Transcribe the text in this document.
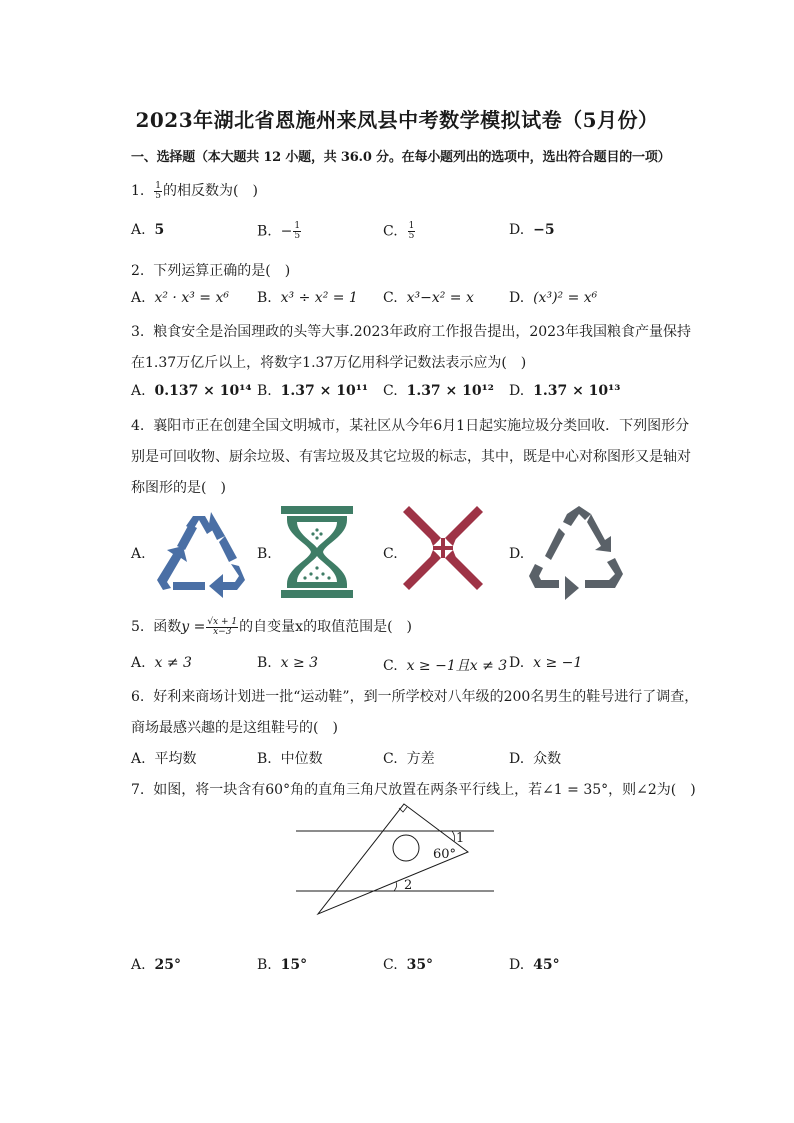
2023年湖北省恩施州来凤县中考数学模拟试卷（5月份）
一、选择题（本大题共 12 小题，共 36.0 分。在每小题列出的选项中，选出符合题目的一项）
1. $\frac{1}{5}$ 的相反数为(　)
A. 5	B. − $\frac{1}{5}$	C. $\frac{1}{5}$	D. −5
2. 下列运算正确的是(　)
A. x² · x³ = x⁶ B. x³ ÷ x² = 1 C. x³−x² = x	D. (x³)² = x⁶
3. 粮食安全是治国理政的头等大事.2023年政府工作报告提出，2023年我国粮食产量保持
在1.37万亿斤以上，将数字1.37万亿用科学记数法表示应为(　)
A. 0.137 × 10¹⁴ B. 1.37 × 10¹¹ C. 1.37 × 10¹² D. 1.37 × 10¹³
4. 襄阳市正在创建全国文明城市，某社区从今年6月1日起实施垃圾分类回收．下列图形分
别是可回收物、厨余垃圾、有害垃圾及其它垃圾的标志，其中，既是中心对称图形又是轴对
称图形的是(　)
A.	B.	C.	D.
5. 函数$y = \frac{√x + 1}{x-3}$ 的自变量x的取值范围是(　)
A. x ≠ 3	B. x ≥ 3	C. x ≥ −1且x ≠ 3 D. x ≥ −1
6. 好利来商场计划进一批“运动鞋”，到一所学校对八年级的200名男生的鞋号进行了调查，
商场最感兴趣的是这组鞋号的(　)
A. 平均数	B. 中位数	C. 方差	D. 众数
7. 如图，将一块含有60°角的直角三角尺放置在两条平行线上，若∠1 = 35°，则∠2为(　)
1
60°
2
A. 25°	B. 15°	C. 35°	D. 45°
